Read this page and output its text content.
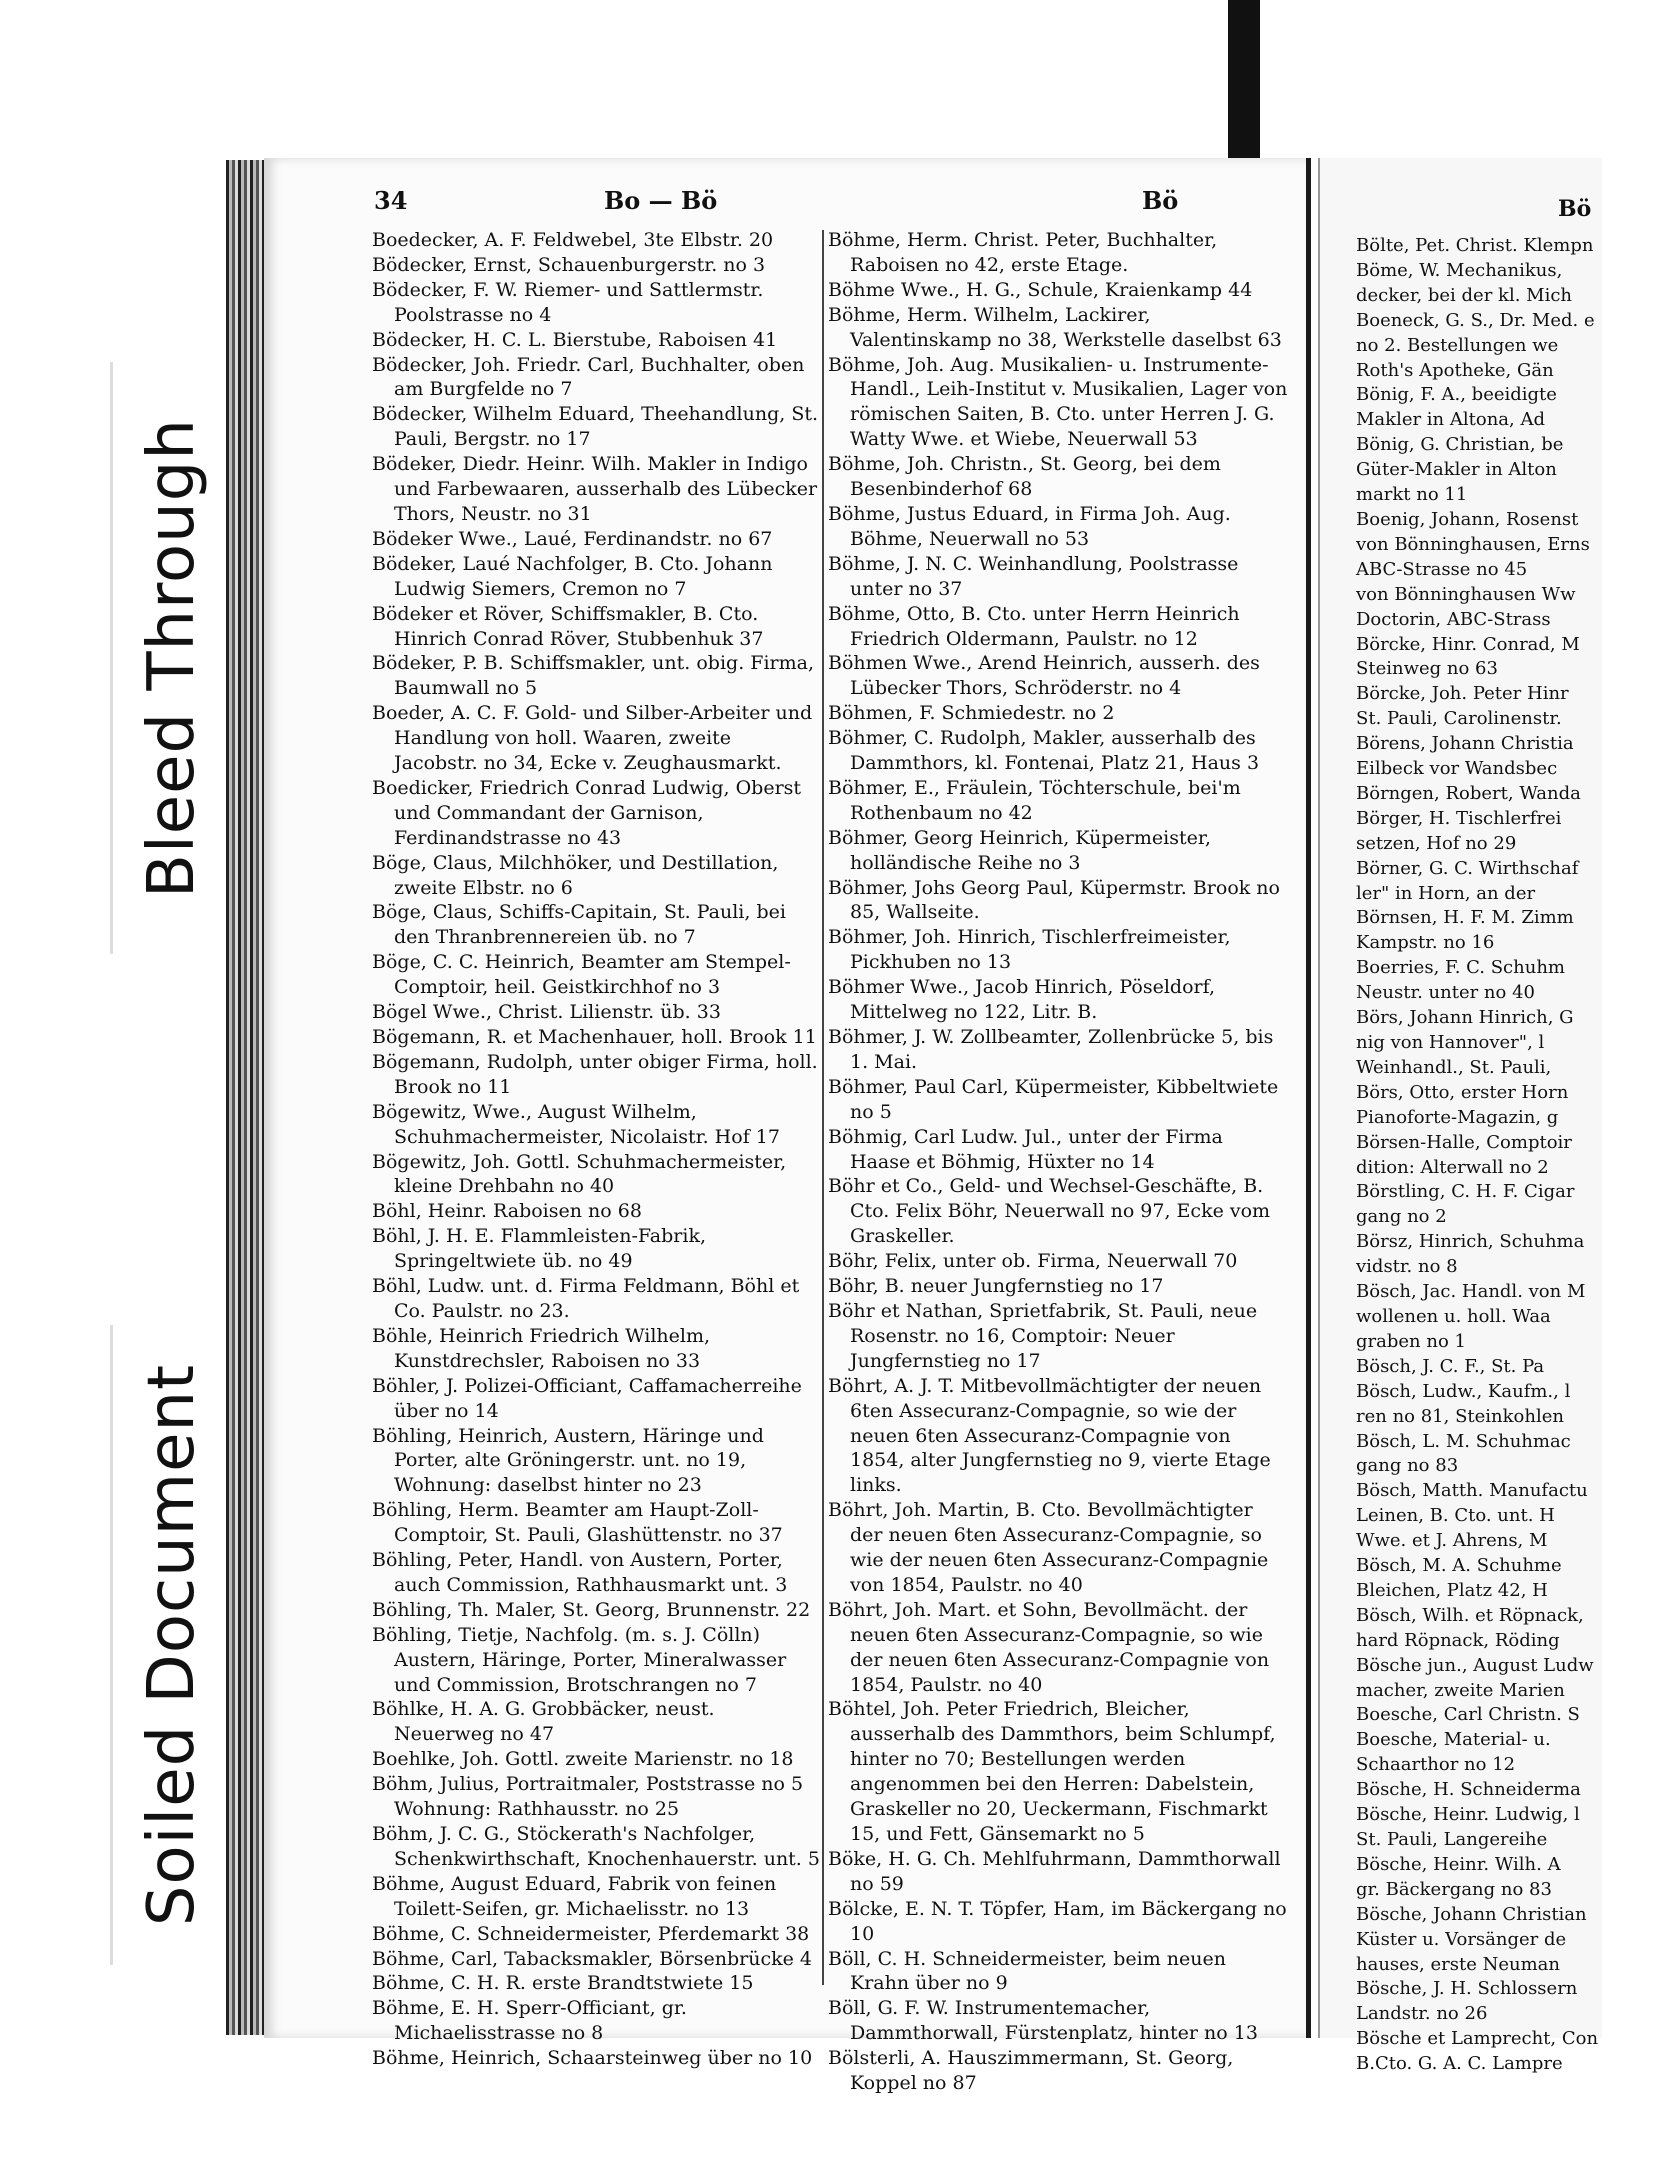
Bleed Through
Soiled Document
34	Bo — Bö	Bö

Boedecker, A. F. Feldwebel, 3te Elbstr. 20

Bödecker, Ernst, Schauenburgerstr. no 3

Bödecker, F. W. Riemer- und Sattlermstr. Poolstrasse no 4

Bödecker, H. C. L. Bierstube, Raboisen 41

Bödecker, Joh. Friedr. Carl, Buchhalter, oben am Burgfelde no 7

Bödecker, Wilhelm Eduard, Theehandlung, St. Pauli, Bergstr. no 17

Bödeker, Diedr. Heinr. Wilh. Makler in Indigo und Farbewaaren, ausserhalb des Lübecker Thors, Neustr. no 31

Bödeker Wwe., Laué, Ferdinandstr. no 67

Bödeker, Laué Nachfolger, B. Cto. Johann Ludwig Siemers, Cremon no 7

Bödeker et Röver, Schiffsmakler, B. Cto. Hinrich Conrad Röver, Stubbenhuk 37

Bödeker, P. B. Schiffsmakler, unt. obig. Firma, Baumwall no 5

Boeder, A. C. F. Gold- und Silber-Arbeiter und Handlung von holl. Waaren, zweite Jacobstr. no 34, Ecke v. Zeughausmarkt.

Boedicker, Friedrich Conrad Ludwig, Oberst und Commandant der Garnison, Ferdinandstrasse no 43

Böge, Claus, Milchhöker, und Destillation, zweite Elbstr. no 6

Böge, Claus, Schiffs-Capitain, St. Pauli, bei den Thranbrennereien üb. no 7

Böge, C. C. Heinrich, Beamter am Stempel-Comptoir, heil. Geistkirchhof no 3

Bögel Wwe., Christ. Lilienstr. üb. 33

Bögemann, R. et Machenhauer, holl. Brook 11

Bögemann, Rudolph, unter obiger Firma, holl. Brook no 11

Bögewitz, Wwe., August Wilhelm, Schuhmachermeister, Nicolaistr. Hof 17

Bögewitz, Joh. Gottl. Schuhmachermeister, kleine Drehbahn no 40

Böhl, Heinr. Raboisen no 68

Böhl, J. H. E. Flammleisten-Fabrik, Springeltwiete üb. no 49

Böhl, Ludw. unt. d. Firma Feldmann, Böhl et Co. Paulstr. no 23.

Böhle, Heinrich Friedrich Wilhelm, Kunstdrechsler, Raboisen no 33

Böhler, J. Polizei-Officiant, Caffamacherreihe über no 14

Böhling, Heinrich, Austern, Häringe und Porter, alte Gröningerstr. unt. no 19, Wohnung: daselbst hinter no 23

Böhling, Herm. Beamter am Haupt-Zoll-Comptoir, St. Pauli, Glashüttenstr. no 37

Böhling, Peter, Handl. von Austern, Porter, auch Commission, Rathhausmarkt unt. 3

Böhling, Th. Maler, St. Georg, Brunnenstr. 22

Böhling, Tietje, Nachfolg. (m. s. J. Cölln) Austern, Häringe, Porter, Mineralwasser und Commission, Brotschrangen no 7

Böhlke, H. A. G. Grobbäcker, neust. Neuerweg no 47

Boehlke, Joh. Gottl. zweite Marienstr. no 18

Böhm, Julius, Portraitmaler, Poststrasse no 5 Wohnung: Rathhausstr. no 25

Böhm, J. C. G., Stöckerath's Nachfolger, Schenkwirthschaft, Knochenhauerstr. unt. 5

Böhme, August Eduard, Fabrik von feinen Toilett-Seifen, gr. Michaelisstr. no 13

Böhme, C. Schneidermeister, Pferdemarkt 38

Böhme, Carl, Tabacksmakler, Börsenbrücke 4

Böhme, C. H. R. erste Brandtstwiete 15

Böhme, E. H. Sperr-Officiant, gr. Michaelisstrasse no 8

Böhme, Heinrich, Schaarsteinweg über no 10

Böhme, Herm. Christ. Peter, Buchhalter, Raboisen no 42, erste Etage.

Böhme Wwe., H. G., Schule, Kraienkamp 44

Böhme, Herm. Wilhelm, Lackirer, Valentinskamp no 38, Werkstelle daselbst 63

Böhme, Joh. Aug. Musikalien- u. Instrumente-Handl., Leih-Institut v. Musikalien, Lager von römischen Saiten, B. Cto. unter Herren J. G. Watty Wwe. et Wiebe, Neuerwall 53

Böhme, Joh. Christn., St. Georg, bei dem Besenbinderhof 68

Böhme, Justus Eduard, in Firma Joh. Aug. Böhme, Neuerwall no 53

Böhme, J. N. C. Weinhandlung, Poolstrasse unter no 37

Böhme, Otto, B. Cto. unter Herrn Heinrich Friedrich Oldermann, Paulstr. no 12

Böhmen Wwe., Arend Heinrich, ausserh. des Lübecker Thors, Schröderstr. no 4

Böhmen, F. Schmiedestr. no 2

Böhmer, C. Rudolph, Makler, ausserhalb des Dammthors, kl. Fontenai, Platz 21, Haus 3

Böhmer, E., Fräulein, Töchterschule, bei'm Rothenbaum no 42

Böhmer, Georg Heinrich, Küpermeister, holländische Reihe no 3

Böhmer, Johs Georg Paul, Küpermstr. Brook no 85, Wallseite.

Böhmer, Joh. Hinrich, Tischlerfreimeister, Pickhuben no 13

Böhmer Wwe., Jacob Hinrich, Pöseldorf, Mittelweg no 122, Litr. B.

Böhmer, J. W. Zollbeamter, Zollenbrücke 5, bis 1. Mai.

Böhmer, Paul Carl, Küpermeister, Kibbeltwiete no 5

Böhmig, Carl Ludw. Jul., unter der Firma Haase et Böhmig, Hüxter no 14

Böhr et Co., Geld- und Wechsel-Geschäfte, B. Cto. Felix Böhr, Neuerwall no 97, Ecke vom Graskeller.

Böhr, Felix, unter ob. Firma, Neuerwall 70

Böhr, B. neuer Jungfernstieg no 17

Böhr et Nathan, Sprietfabrik, St. Pauli, neue Rosenstr. no 16, Comptoir: Neuer Jungfernstieg no 17

Böhrt, A. J. T. Mitbevollmächtigter der neuen 6ten Assecuranz-Compagnie, so wie der neuen 6ten Assecuranz-Compagnie von 1854, alter Jungfernstieg no 9, vierte Etage links.

Böhrt, Joh. Martin, B. Cto. Bevollmächtigter der neuen 6ten Assecuranz-Compagnie, so wie der neuen 6ten Assecuranz-Compagnie von 1854, Paulstr. no 40

Böhrt, Joh. Mart. et Sohn, Bevollmächt. der neuen 6ten Assecuranz-Compagnie, so wie der neuen 6ten Assecuranz-Compagnie von 1854, Paulstr. no 40

Böhtel, Joh. Peter Friedrich, Bleicher, ausserhalb des Dammthors, beim Schlumpf, hinter no 70; Bestellungen werden angenommen bei den Herren: Dabelstein, Graskeller no 20, Ueckermann, Fischmarkt 15, und Fett, Gänsemarkt no 5

Böke, H. G. Ch. Mehlfuhrmann, Dammthorwall no 59

Bölcke, E. N. T. Töpfer, Ham, im Bäckergang no 10

Böll, C. H. Schneidermeister, beim neuen Krahn über no 9

Böll, G. F. W. Instrumentemacher, Dammthorwall, Fürstenplatz, hinter no 13

Bölsterli, A. Hauszimmermann, St. Georg, Koppel no 87

Bö
Bölte, Pet. Christ. Klempn
Böme, W. Mechanikus,
decker, bei der kl. Mich
Boeneck, G. S., Dr. Med. e
no 2. Bestellungen we
Roth's Apotheke, Gän
Bönig, F. A., beeidigte
Makler in Altona, Ad
Bönig, G. Christian, be
Güter-Makler in Alton
markt no 11
Boenig, Johann, Rosenst
von Bönninghausen, Erns
ABC-Strasse no 45
von Bönninghausen Ww
Doctorin, ABC-Strass
Börcke, Hinr. Conrad, M
Steinweg no 63
Börcke, Joh. Peter Hinr
St. Pauli, Carolinenstr.
Börens, Johann Christia
Eilbeck vor Wandsbec
Börngen, Robert, Wanda
Börger, H. Tischlerfrei
setzen, Hof no 29
Börner, G. C. Wirthschaf
ler" in Horn, an der
Börnsen, H. F. M. Zimm
Kampstr. no 16
Boerries, F. C. Schuhm
Neustr. unter no 40
Börs, Johann Hinrich, G
nig von Hannover", l
Weinhandl., St. Pauli,
Börs, Otto, erster Horn
Pianoforte-Magazin, g
Börsen-Halle, Comptoir
dition: Alterwall no 2
Börstling, C. H. F. Cigar
gang no 2
Börsz, Hinrich, Schuhma
vidstr. no 8
Bösch, Jac. Handl. von M
wollenen u. holl. Waa
graben no 1
Bösch, J. C. F., St. Pa
Bösch, Ludw., Kaufm., l
ren no 81, Steinkohlen
Bösch, L. M. Schuhmac
gang no 83
Bösch, Matth. Manufactu
Leinen, B. Cto. unt. H
Wwe. et J. Ahrens, M
Bösch, M. A. Schuhme
Bleichen, Platz 42, H
Bösch, Wilh. et Röpnack,
hard Röpnack, Röding
Bösche jun., August Ludw
macher, zweite Marien
Boesche, Carl Christn. S
Boesche, Material- u.
Schaarthor no 12
Bösche, H. Schneiderma
Bösche, Heinr. Ludwig, l
St. Pauli, Langereihe
Bösche, Heinr. Wilh. A
gr. Bäckergang no 83
Bösche, Johann Christian
Küster u. Vorsänger de
hauses, erste Neuman
Bösche, J. H. Schlossern
Landstr. no 26
Bösche et Lamprecht, Con
B.Cto. G. A. C. Lampre
